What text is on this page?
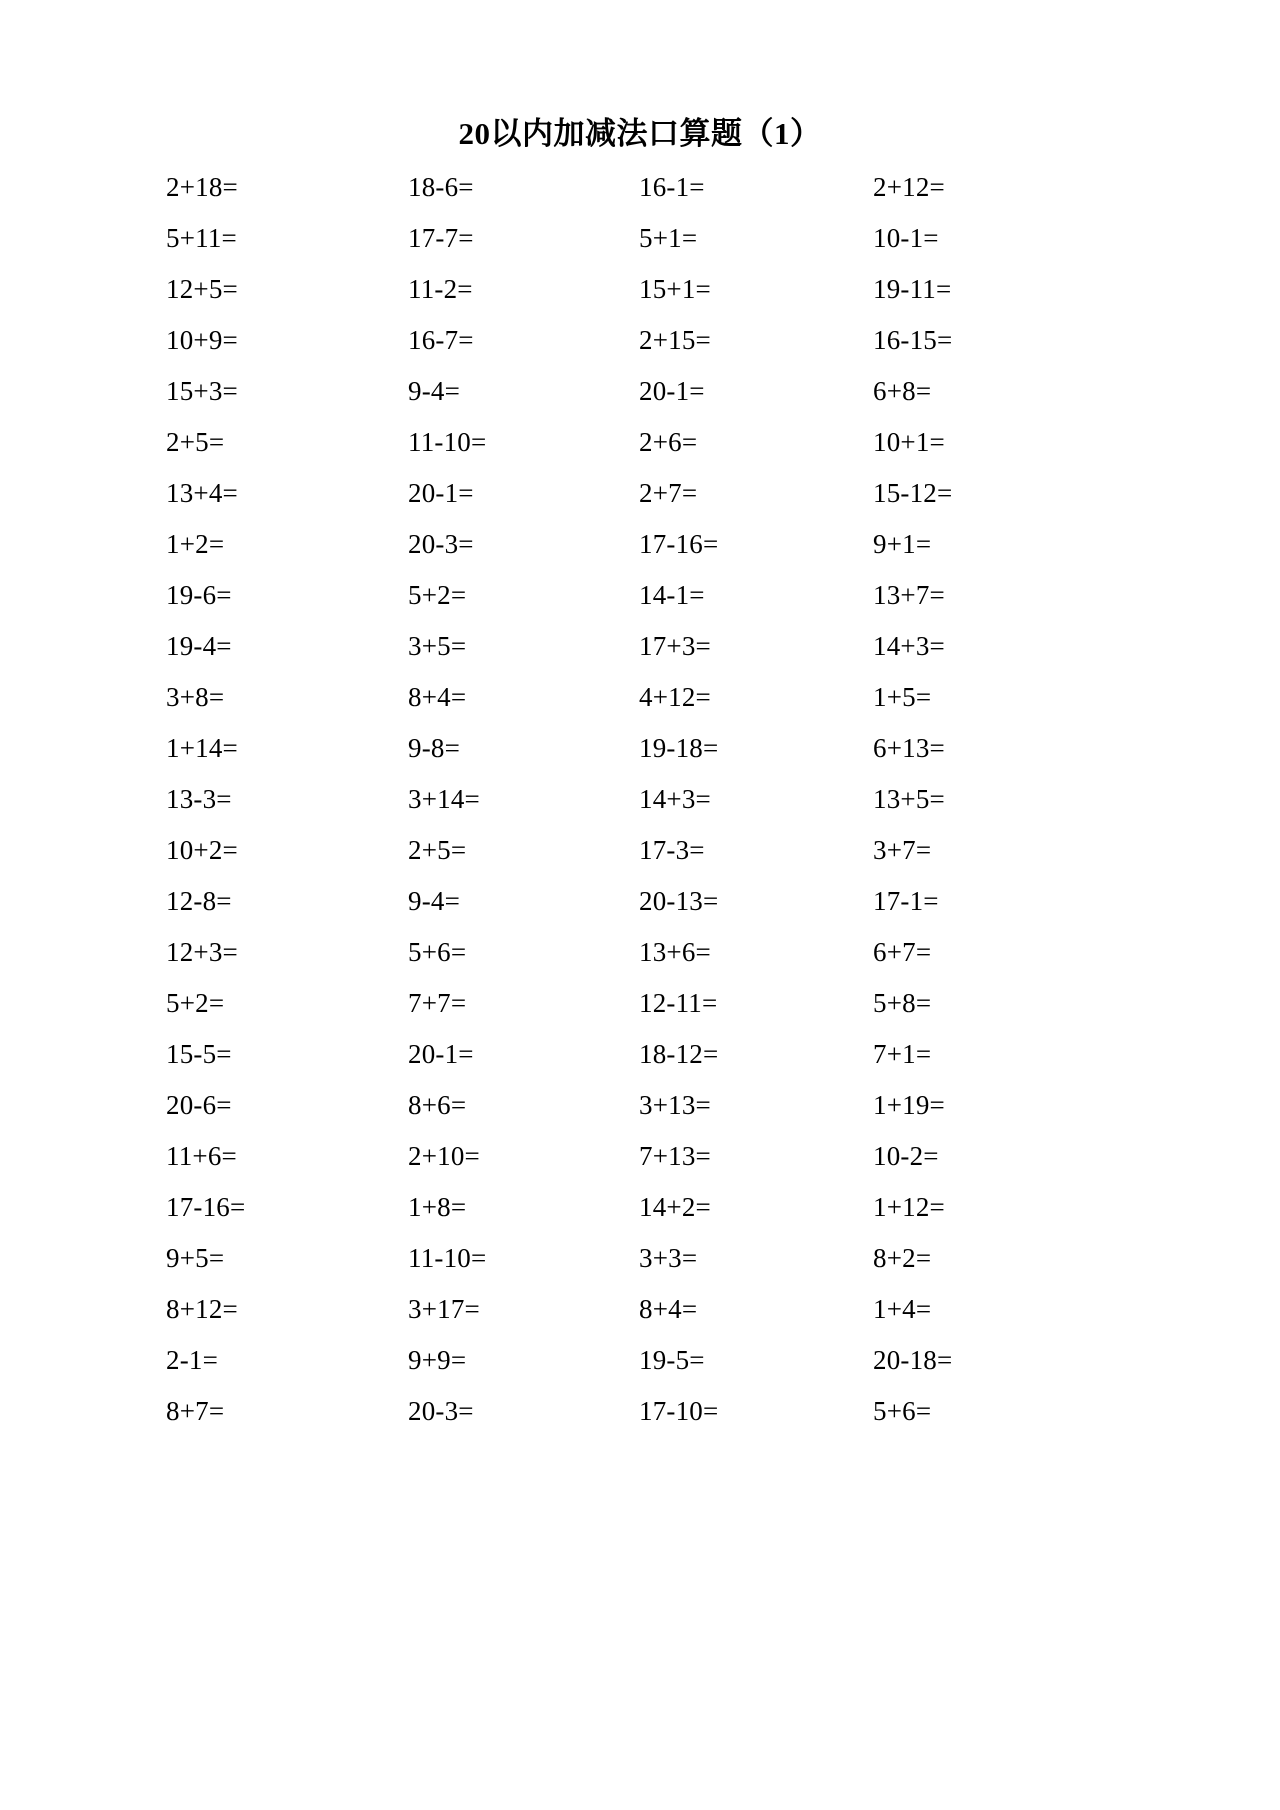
20以内加减法口算题（1）
2+18=	18-6=	16-1=	2+12=
5+11=	17-7=	5+1=	10-1=
12+5=	11-2=	15+1=	19-11=
10+9=	16-7=	2+15=	16-15=
15+3=	9-4=	20-1=	6+8=
2+5=	11-10=	2+6=	10+1=
13+4=	20-1=	2+7=	15-12=
1+2=	20-3=	17-16=	9+1=
19-6=	5+2=	14-1=	13+7=
19-4=	3+5=	17+3=	14+3=
3+8=	8+4=	4+12=	1+5=
1+14=	9-8=	19-18=	6+13=
13-3=	3+14=	14+3=	13+5=
10+2=	2+5=	17-3=	3+7=
12-8=	9-4=	20-13=	17-1=
12+3=	5+6=	13+6=	6+7=
5+2=	7+7=	12-11=	5+8=
15-5=	20-1=	18-12=	7+1=
20-6=	8+6=	3+13=	1+19=
11+6=	2+10=	7+13=	10-2=
17-16=	1+8=	14+2=	1+12=
9+5=	11-10=	3+3=	8+2=
8+12=	3+17=	8+4=	1+4=
2-1=	9+9=	19-5=	20-18=
8+7=	20-3=	17-10=	5+6=
